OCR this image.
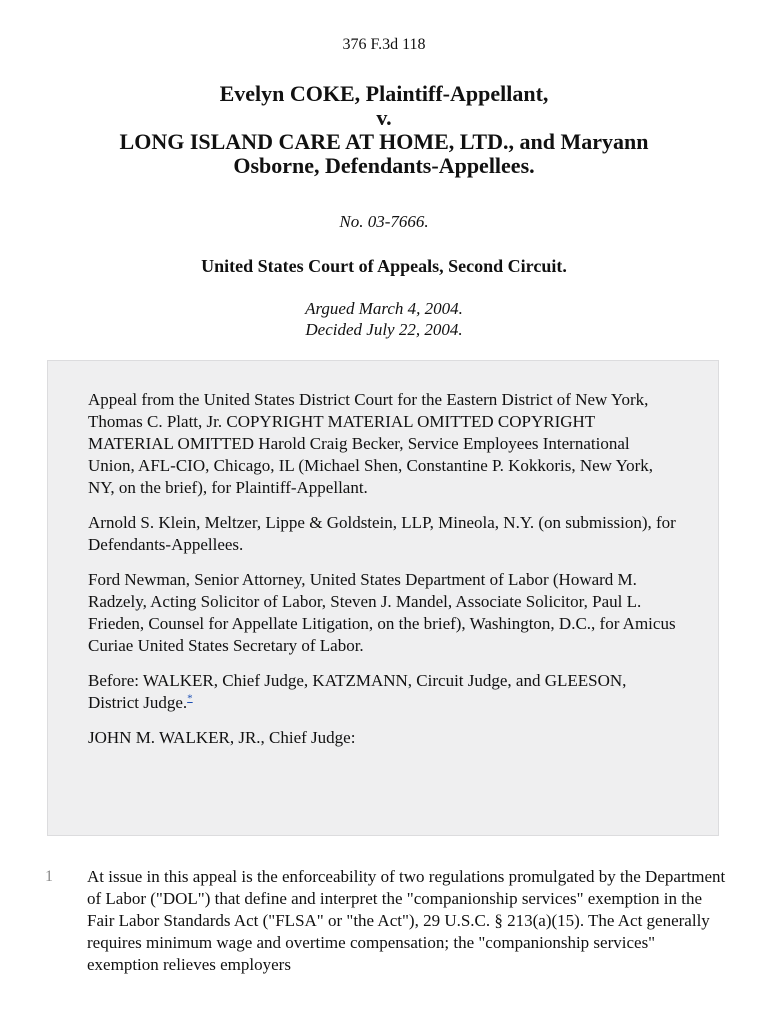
376 F.3d 118
Evelyn COKE, Plaintiff-Appellant,
v.
LONG ISLAND CARE AT HOME, LTD., and Maryann
Osborne, Defendants-Appellees.
No. 03-7666.
United States Court of Appeals, Second Circuit.
Argued March 4, 2004.
Decided July 22, 2004.

Appeal from the United States District Court for the Eastern District of New York, Thomas C. Platt, Jr. COPYRIGHT MATERIAL OMITTED COPYRIGHT MATERIAL OMITTED Harold Craig Becker, Service Employees International Union, AFL-CIO, Chicago, IL (Michael Shen, Constantine P. Kokkoris, New York, NY, on the brief), for Plaintiff-Appellant.

Arnold S. Klein, Meltzer, Lippe & Goldstein, LLP, Mineola, N.Y. (on submission), for Defendants-Appellees.

Ford Newman, Senior Attorney, United States Department of Labor (Howard M. Radzely, Acting Solicitor of Labor, Steven J. Mandel, Associate Solicitor, Paul L. Frieden, Counsel for Appellate Litigation, on the brief), Washington, D.C., for Amicus Curiae United States Secretary of Labor.

Before: WALKER, Chief Judge, KATZMANN, Circuit Judge, and GLEESON, District Judge.*

JOHN M. WALKER, JR., Chief Judge:

1 At issue in this appeal is the enforceability of two regulations promulgated by the Department of Labor ("DOL") that define and interpret the "companionship services" exemption in the Fair Labor Standards Act ("FLSA" or "the Act"), 29 U.S.C. § 213(a)(15). The Act generally requires minimum wage and overtime compensation; the "companionship services" exemption relieves employers
